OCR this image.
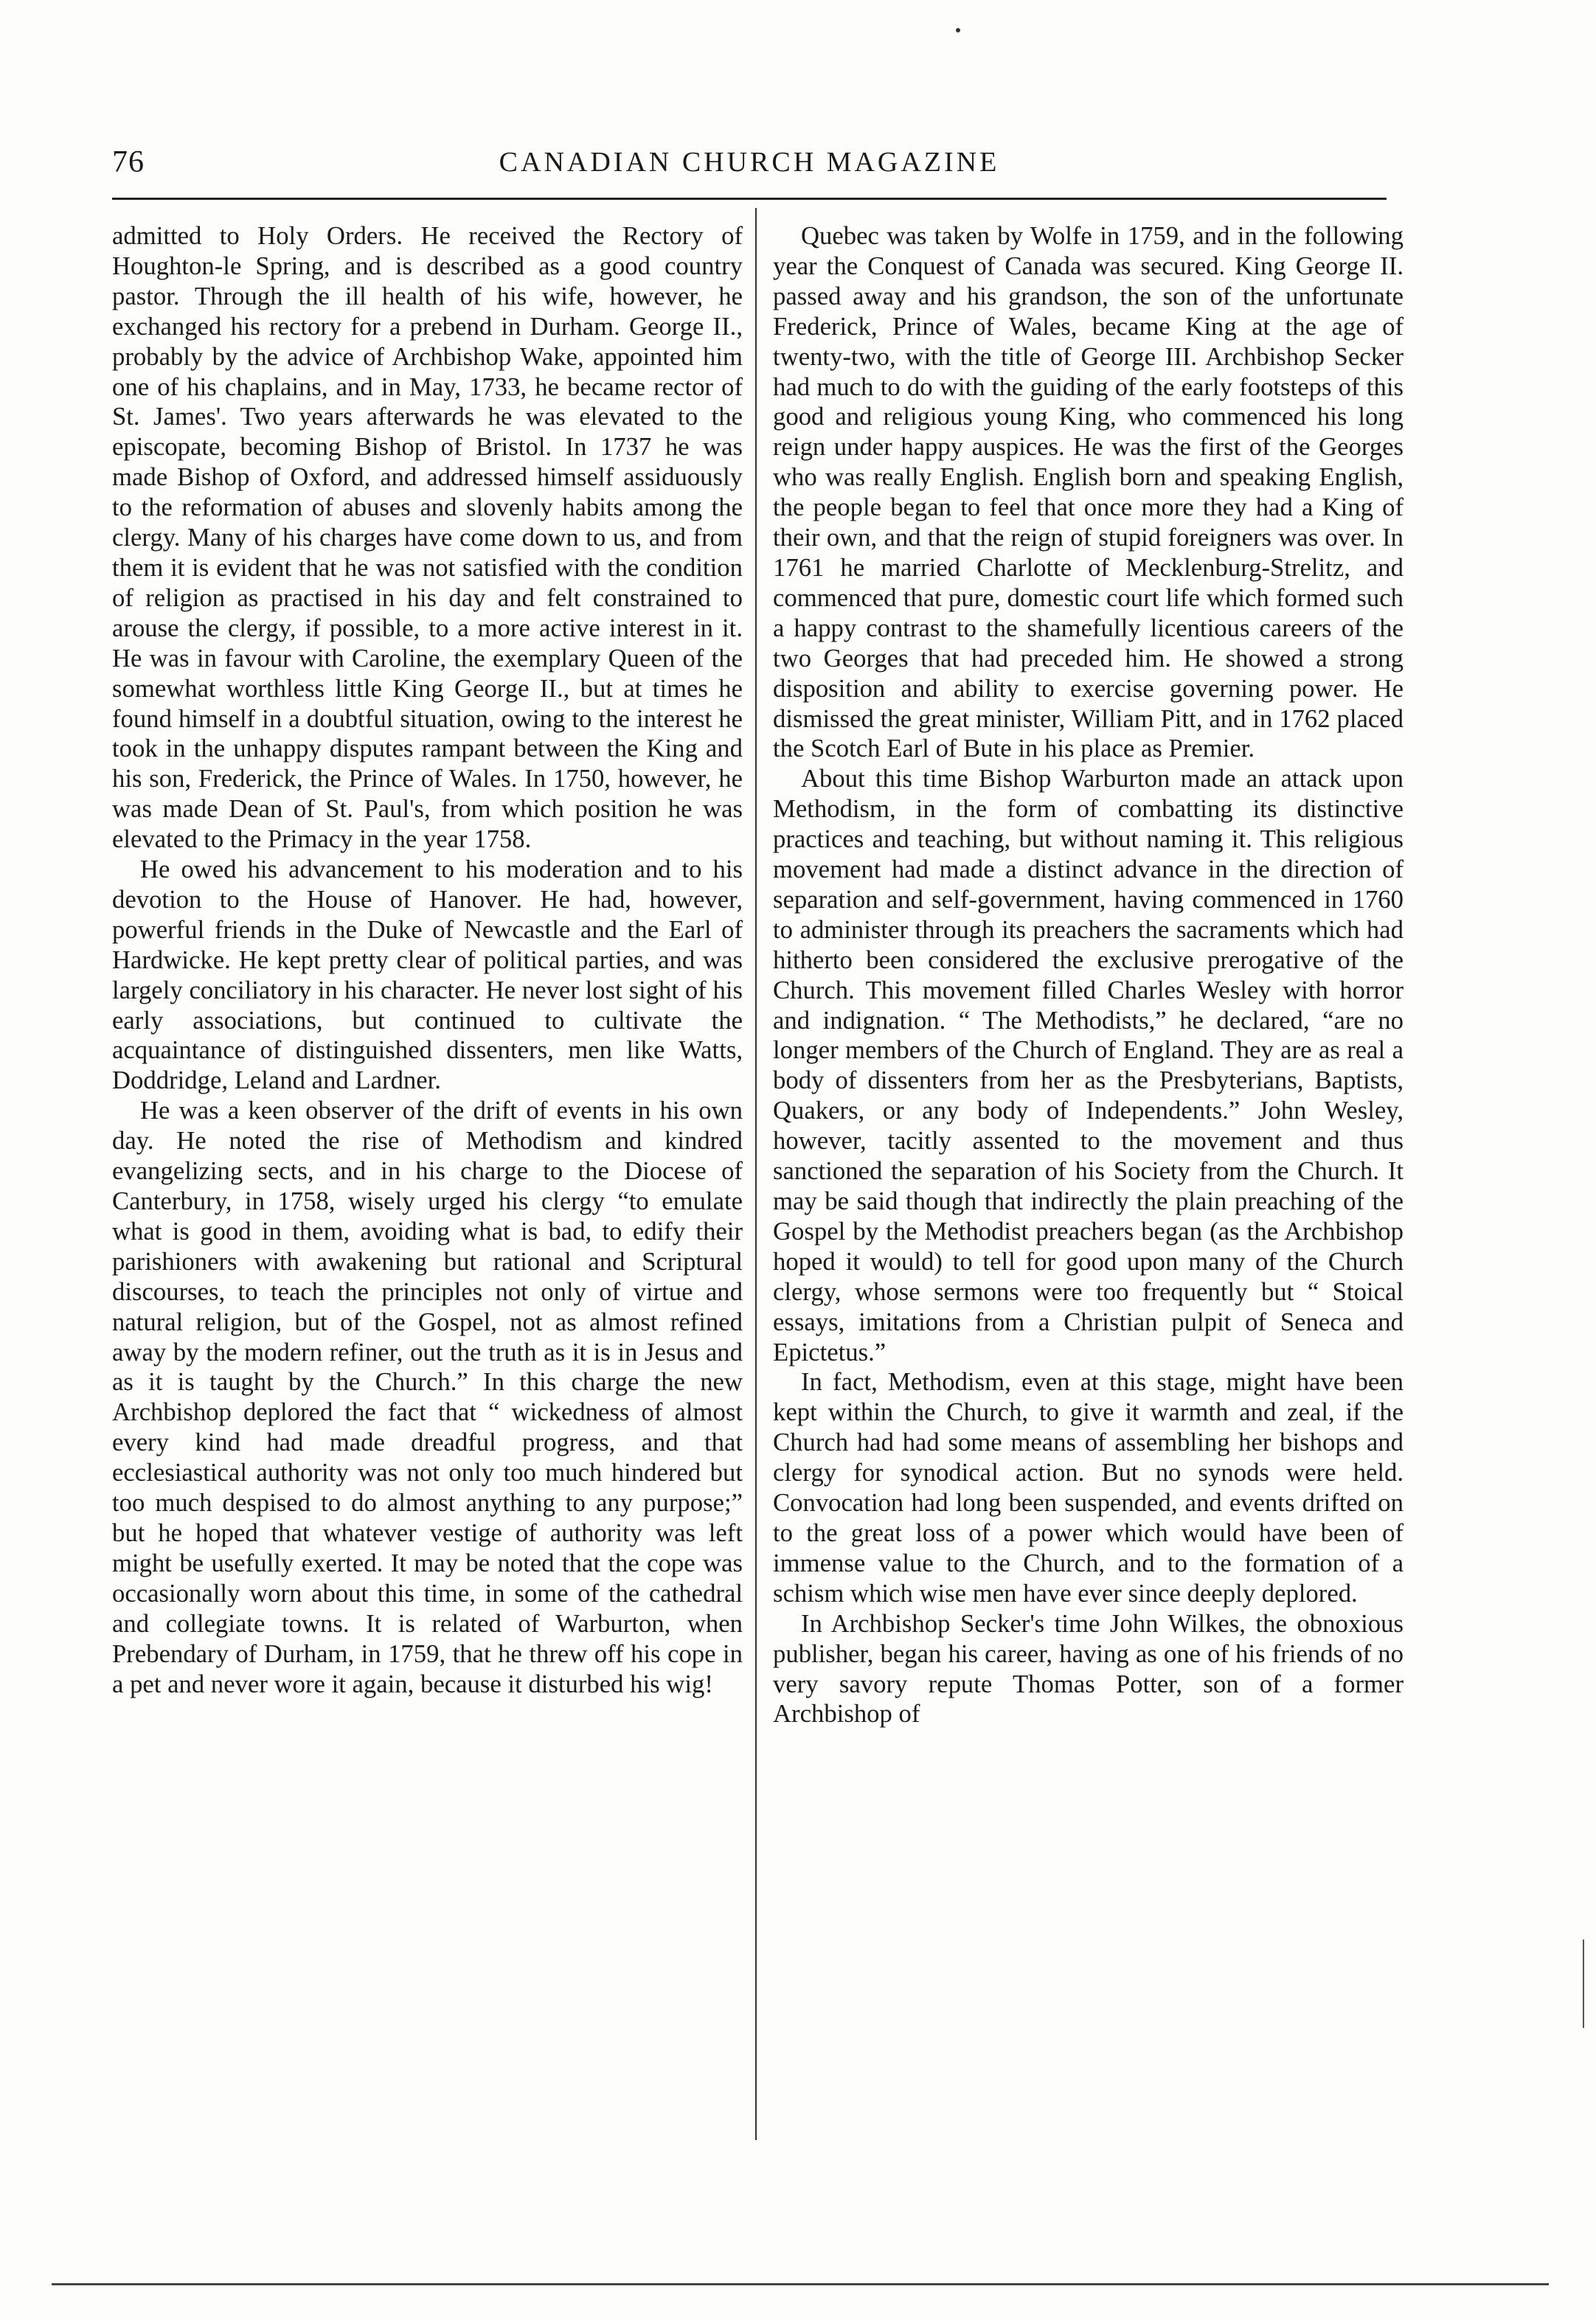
76	CANADIAN CHURCH MAGAZINE

admitted to Holy Orders. He received the Rectory of Houghton-le Spring, and is described as a good country pastor. Through the ill health of his wife, however, he exchanged his rectory for a prebend in Durham. George II., probably by the advice of Archbishop Wake, appointed him one of his chaplains, and in May, 1733, he became rector of St. James'. Two years afterwards he was elevated to the episcopate, becoming Bishop of Bristol. In 1737 he was made Bishop of Oxford, and addressed himself assiduously to the reformation of abuses and slovenly habits among the clergy. Many of his charges have come down to us, and from them it is evident that he was not satisfied with the condition of religion as practised in his day and felt constrained to arouse the clergy, if possible, to a more active interest in it. He was in favour with Caroline, the exemplary Queen of the somewhat worthless little King George II., but at times he found himself in a doubtful situation, owing to the interest he took in the unhappy disputes rampant between the King and his son, Frederick, the Prince of Wales. In 1750, however, he was made Dean of St. Paul's, from which position he was elevated to the Primacy in the year 1758.

He owed his advancement to his moderation and to his devotion to the House of Hanover. He had, however, powerful friends in the Duke of Newcastle and the Earl of Hardwicke. He kept pretty clear of political parties, and was largely conciliatory in his character. He never lost sight of his early associations, but continued to cultivate the acquaintance of distinguished dissenters, men like Watts, Doddridge, Leland and Lardner.

He was a keen observer of the drift of events in his own day. He noted the rise of Methodism and kindred evangelizing sects, and in his charge to the Diocese of Canterbury, in 1758, wisely urged his clergy “to emulate what is good in them, avoiding what is bad, to edify their parishioners with awakening but rational and Scriptural discourses, to teach the principles not only of virtue and natural religion, but of the Gospel, not as almost refined away by the modern refiner, out the truth as it is in Jesus and as it is taught by the Church.” In this charge the new Archbishop deplored the fact that “ wickedness of almost every kind had made dreadful progress, and that ecclesiastical authority was not only too much hindered but too much despised to do almost anything to any purpose;” but he hoped that whatever vestige of authority was left might be usefully exerted. It may be noted that the cope was occasionally worn about this time, in some of the cathedral and collegiate towns. It is related of Warburton, when Prebendary of Durham, in 1759, that he threw off his cope in a pet and never wore it again, because it disturbed his wig!

Quebec was taken by Wolfe in 1759, and in the following year the Conquest of Canada was secured. King George II. passed away and his grandson, the son of the unfortunate Frederick, Prince of Wales, became King at the age of twenty-two, with the title of George III. Archbishop Secker had much to do with the guiding of the early footsteps of this good and religious young King, who commenced his long reign under happy auspices. He was the first of the Georges who was really English. English born and speaking English, the people began to feel that once more they had a King of their own, and that the reign of stupid foreigners was over. In 1761 he married Charlotte of Mecklenburg-Strelitz, and commenced that pure, domestic court life which formed such a happy contrast to the shamefully licentious careers of the two Georges that had preceded him. He showed a strong disposition and ability to exercise governing power. He dismissed the great minister, William Pitt, and in 1762 placed the Scotch Earl of Bute in his place as Premier.

About this time Bishop Warburton made an attack upon Methodism, in the form of combatting its distinctive practices and teaching, but without naming it. This religious movement had made a distinct advance in the direction of separation and self-government, having commenced in 1760 to administer through its preachers the sacraments which had hitherto been considered the exclusive prerogative of the Church. This movement filled Charles Wesley with horror and indignation. “ The Methodists,” he declared, “are no longer members of the Church of England. They are as real a body of dissenters from her as the Presbyterians, Baptists, Quakers, or any body of Independents.” John Wesley, however, tacitly assented to the movement and thus sanctioned the separation of his Society from the Church. It may be said though that indirectly the plain preaching of the Gospel by the Methodist preachers began (as the Archbishop hoped it would) to tell for good upon many of the Church clergy, whose sermons were too frequently but “ Stoical essays, imitations from a Christian pulpit of Seneca and Epictetus.”

In fact, Methodism, even at this stage, might have been kept within the Church, to give it warmth and zeal, if the Church had had some means of assembling her bishops and clergy for synodical action. But no synods were held. Convocation had long been suspended, and events drifted on to the great loss of a power which would have been of immense value to the Church, and to the formation of a schism which wise men have ever since deeply deplored.

In Archbishop Secker's time John Wilkes, the obnoxious publisher, began his career, having as one of his friends of no very savory repute Thomas Potter, son of a former Archbishop of
